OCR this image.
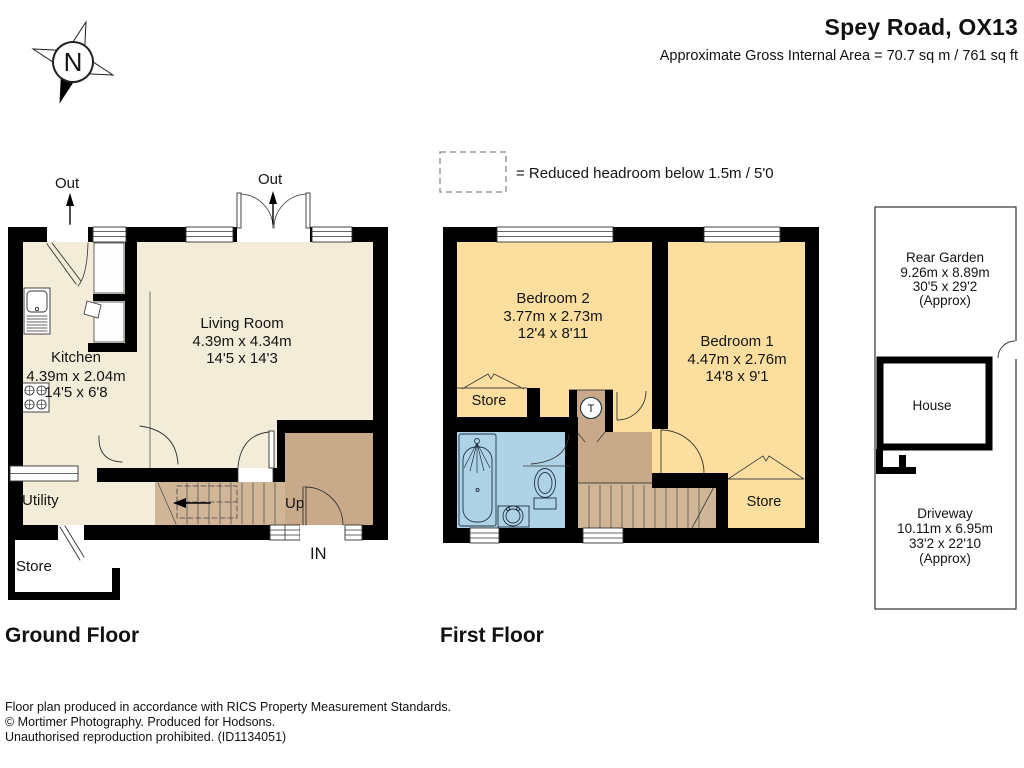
Spey Road, OX13
Approximate Gross Internal Area = 70.7 sq m / 761 sq ft
Ground Floor	First Floor
Floor plan produced in accordance with RICS Property Measurement Standards.
© Mortimer Photography. Produced for Hodsons.
Unauthorised reproduction prohibited. (ID1134051)
N
= Reduced headroom below 1.5m / 5'0
Out	Out
Kitchen
4.39m x 2.04m
14'5 x 6'8
Living Room
4.39m x 4.34m
14'5 x 14'3
Utility
Store
Up
IN
T
Bedroom 2
3.77m x 2.73m
12'4 x 8'11	Bedroom 1
4.47m x 2.76m
14'8 x 9'1
Store
Store
Rear Garden
9.26m x 8.89m
30'5 x 29'2
(Approx)
House
Driveway
10.11m x 6.95m
33'2 x 22'10
(Approx)
